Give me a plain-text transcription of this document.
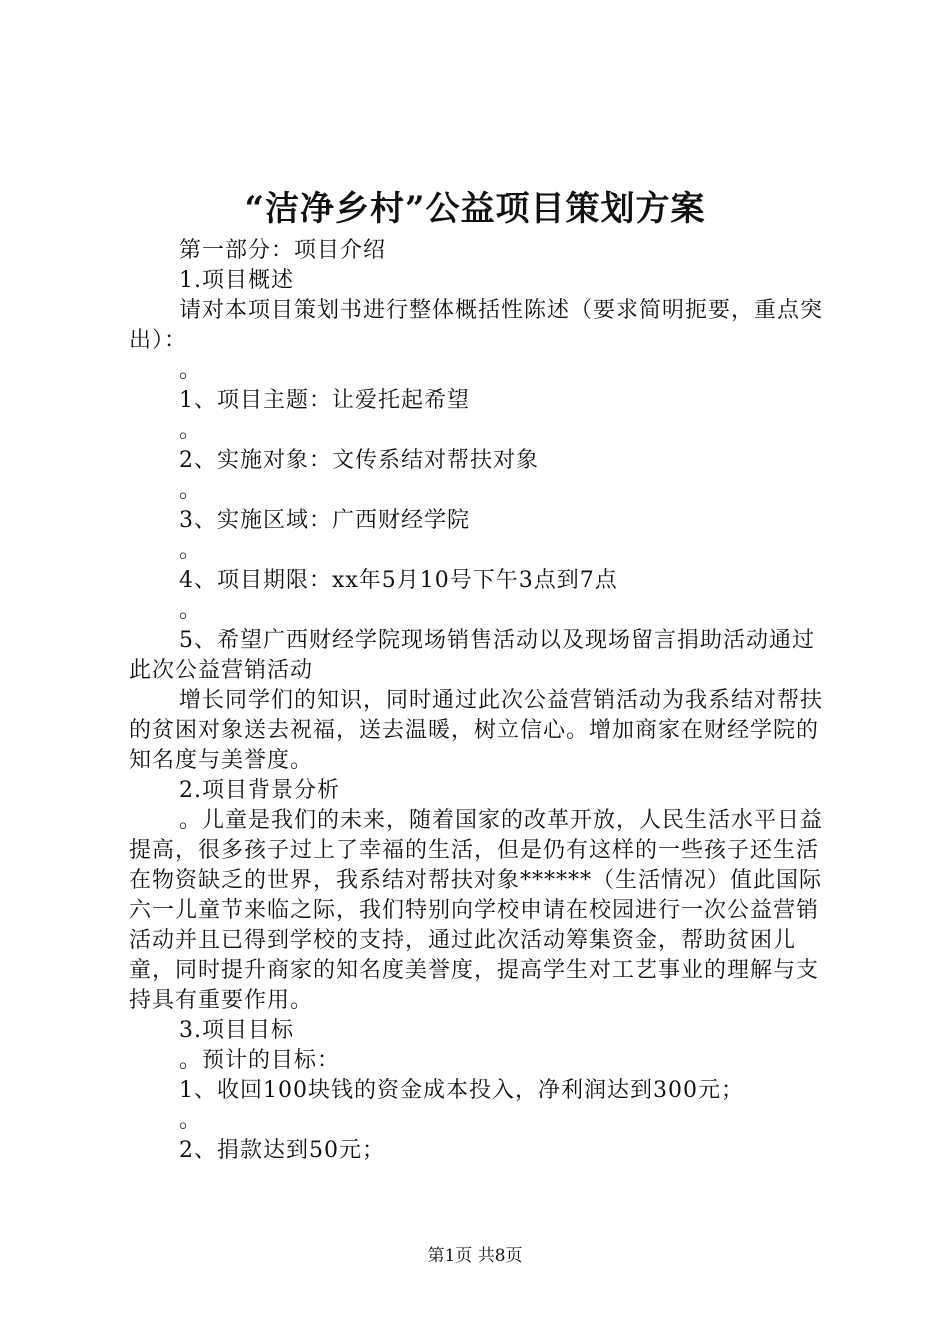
“洁净乡村”公益项目策划方案

第一部分：项目介绍

1.项目概述

请对本项目策划书进行整体概括性陈述（要求简明扼要，重点突出）：

。

1、项目主题：让爱托起希望

。

2、实施对象：文传系结对帮扶对象

。

3、实施区域：广西财经学院

。

4、项目期限：xx年5月10号下午3点到7点

。

5、希望广西财经学院现场销售活动以及现场留言捐助活动通过此次公益营销活动

增长同学们的知识，同时通过此次公益营销活动为我系结对帮扶的贫困对象送去祝福，送去温暖，树立信心。增加商家在财经学院的知名度与美誉度。

2.项目背景分析

。儿童是我们的未来，随着国家的改革开放，人民生活水平日益提高，很多孩子过上了幸福的生活，但是仍有这样的一些孩子还生活在物资缺乏的世界，我系结对帮扶对象******（生活情况）值此国际六一儿童节来临之际，我们特别向学校申请在校园进行一次公益营销活动并且已得到学校的支持，通过此次活动筹集资金，帮助贫困儿童，同时提升商家的知名度美誉度，提高学生对工艺事业的理解与支持具有重要作用。

3.项目目标

。预计的目标：

1、收回100块钱的资金成本投入，净利润达到300元；

。

2、捐款达到50元；

第1页 共8页
